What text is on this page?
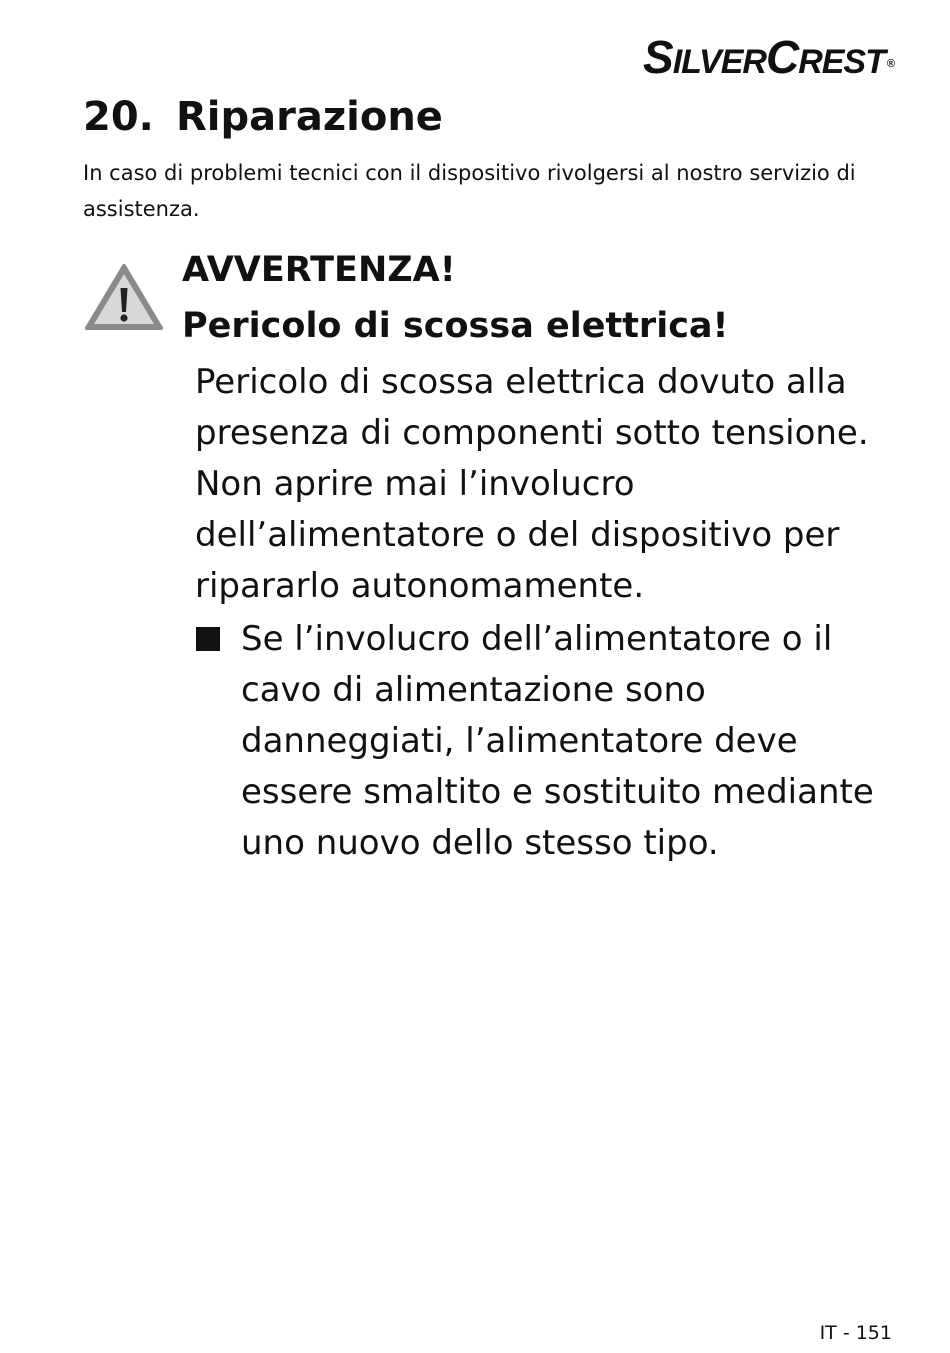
SILVERCREST ®
20. Riparazione

In caso di problemi tecnici con il dispositivo rivolgersi al nostro servizio di assistenza.

AVVERTENZA!
Pericolo di scossa elettrica!

Pericolo di scossa elettrica dovuto alla presenza di componenti sotto tensione. Non aprire mai l’involucro dell’alimentatore o del dispositivo per ripararlo autonomamente.

Se l’involucro dell’alimentatore o il cavo di alimentazione sono danneggiati, l’alimentatore deve essere smaltito e sostituito mediante uno nuovo dello stesso tipo.

IT - 151
